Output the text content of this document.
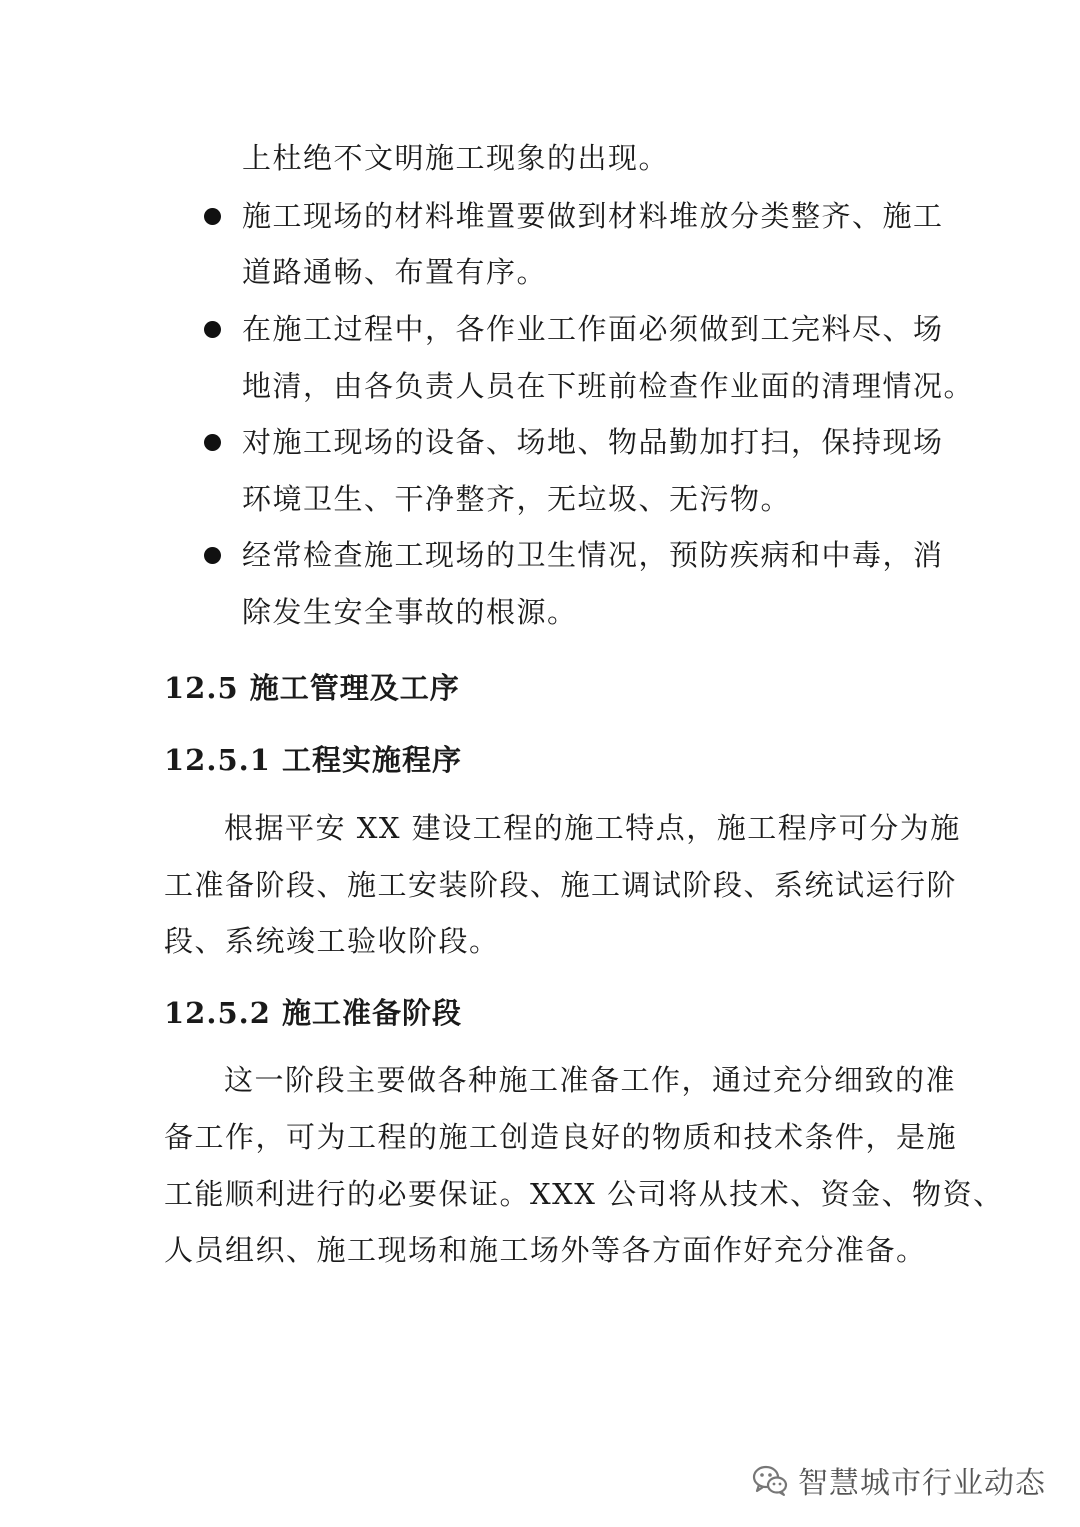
上杜绝不文明施工现象的出现。
施工现场的材料堆置要做到材料堆放分类整齐、施工
道路通畅、布置有序。
在施工过程中，各作业工作面必须做到工完料尽、场
地清，由各负责人员在下班前检查作业面的清理情况。
对施工现场的设备、场地、物品勤加打扫，保持现场
环境卫生、干净整齐，无垃圾、无污物。
经常检查施工现场的卫生情况，预防疾病和中毒，消
除发生安全事故的根源。
12.5 施工管理及工序
12.5.1 工程实施程序
根据平安 XX 建设工程的施工特点，施工程序可分为施
工准备阶段、施工安装阶段、施工调试阶段、系统试运行阶
段、系统竣工验收阶段。
12.5.2 施工准备阶段
这一阶段主要做各种施工准备工作，通过充分细致的准
备工作，可为工程的施工创造良好的物质和技术条件，是施
工能顺利进行的必要保证。XXX 公司将从技术、资金、物资、
人员组织、施工现场和施工场外等各方面作好充分准备。
智慧城市行业动态
